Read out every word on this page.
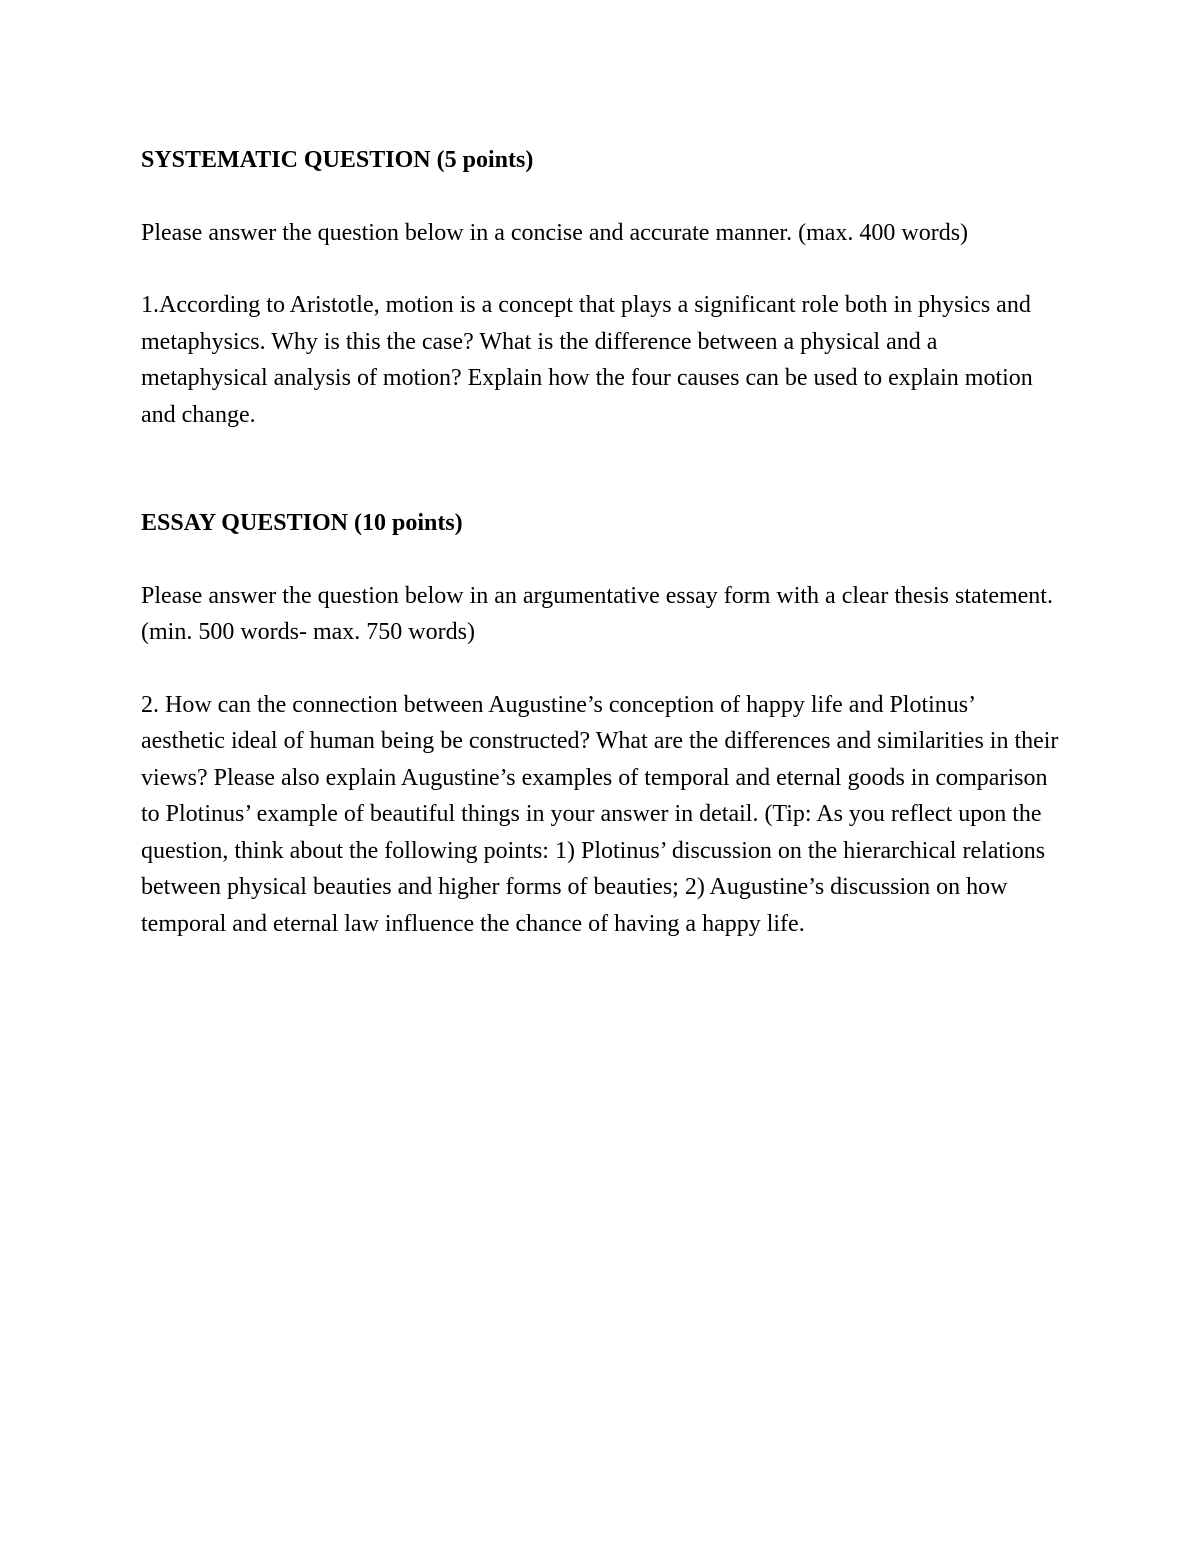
SYSTEMATIC QUESTION (5 points)

Please answer the question below in a concise and accurate manner. (max. 400 words)

1.According to Aristotle, motion is a concept that plays a significant role both in physics and metaphysics. Why is this the case? What is the difference between a physical and a metaphysical analysis of motion? Explain how the four causes can be used to explain motion and change.

ESSAY QUESTION (10 points)

Please answer the question below in an argumentative essay form with a clear thesis statement. (min. 500 words- max. 750 words)

2. How can the connection between Augustine’s conception of happy life and Plotinus’ aesthetic ideal of human being be constructed? What are the differences and similarities in their views? Please also explain Augustine’s examples of temporal and eternal goods in comparison to Plotinus’ example of beautiful things in your answer in detail. (Tip: As you reflect upon the question, think about the following points: 1) Plotinus’ discussion on the hierarchical relations between physical beauties and higher forms of beauties; 2) Augustine’s discussion on how temporal and eternal law influence the chance of having a happy life.
